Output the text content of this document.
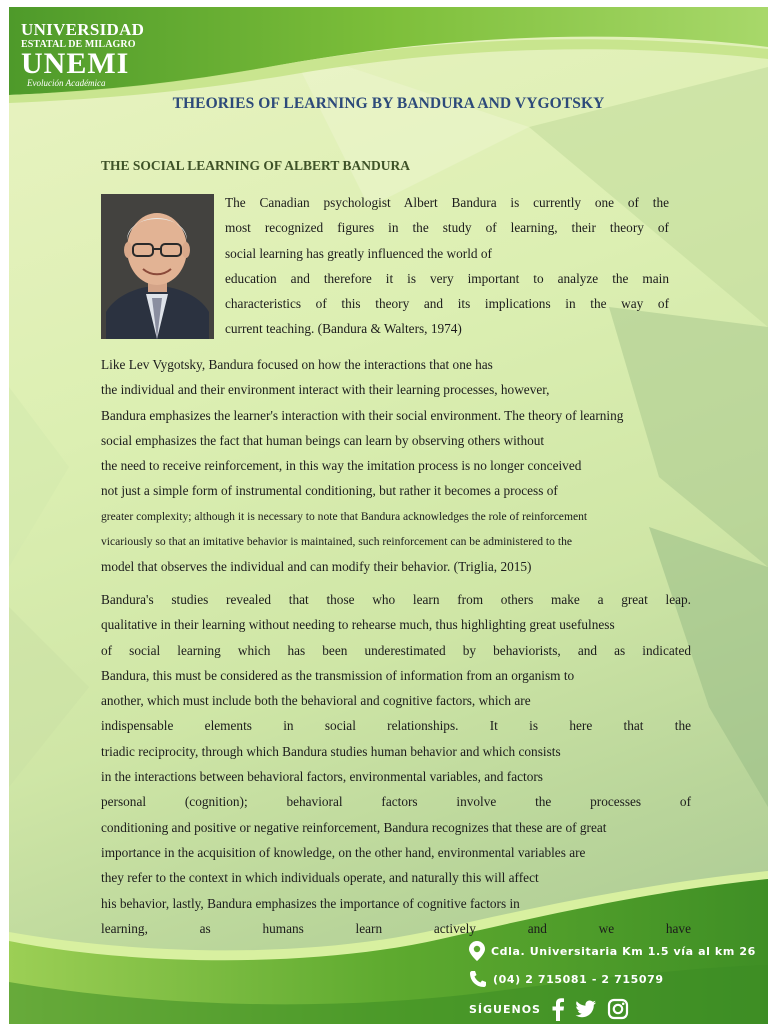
UNIVERSIDAD
ESTATAL DE MILAGRO
UNEMI
Evolución Académica
THEORIES OF LEARNING BY BANDURA AND VYGOTSKY
THE SOCIAL LEARNING OF ALBERT BANDURA
The Canadian psychologist Albert Bandura is currently one of the
most recognized figures in the study of learning, their theory of
social learning has greatly influenced the world of
education and therefore it is very important to analyze the main
characteristics of this theory and its implications in the way of
current teaching. (Bandura & Walters, 1974)
Like Lev Vygotsky, Bandura focused on how the interactions that one has
the individual and their environment interact with their learning processes, however,
Bandura emphasizes the learner's interaction with their social environment. The theory of learning
social emphasizes the fact that human beings can learn by observing others without
the need to receive reinforcement, in this way the imitation process is no longer conceived
not just a simple form of instrumental conditioning, but rather it becomes a process of
greater complexity; although it is necessary to note that Bandura acknowledges the role of reinforcement
vicariously so that an imitative behavior is maintained, such reinforcement can be administered to the
model that observes the individual and can modify their behavior. (Triglia, 2015)
Bandura's studies revealed that those who learn from others make a great leap.
qualitative in their learning without needing to rehearse much, thus highlighting great usefulness
of social learning which has been underestimated by behaviorists, and as indicated
Bandura, this must be considered as the transmission of information from an organism to
another, which must include both the behavioral and cognitive factors, which are
indispensable elements in social relationships. It is here that the
triadic reciprocity, through which Bandura studies human behavior and which consists
in the interactions between behavioral factors, environmental variables, and factors
personal (cognition); behavioral factors involve the processes of
conditioning and positive or negative reinforcement, Bandura recognizes that these are of great
importance in the acquisition of knowledge, on the other hand, environmental variables are
they refer to the context in which individuals operate, and naturally this will affect
his behavior, lastly, Bandura emphasizes the importance of cognitive factors in
learning, as humans learn actively and we have
Cdla. Universitaria Km 1.5 vía al km 26
(04) 2 715081 - 2 715079
SÍGUENOS
